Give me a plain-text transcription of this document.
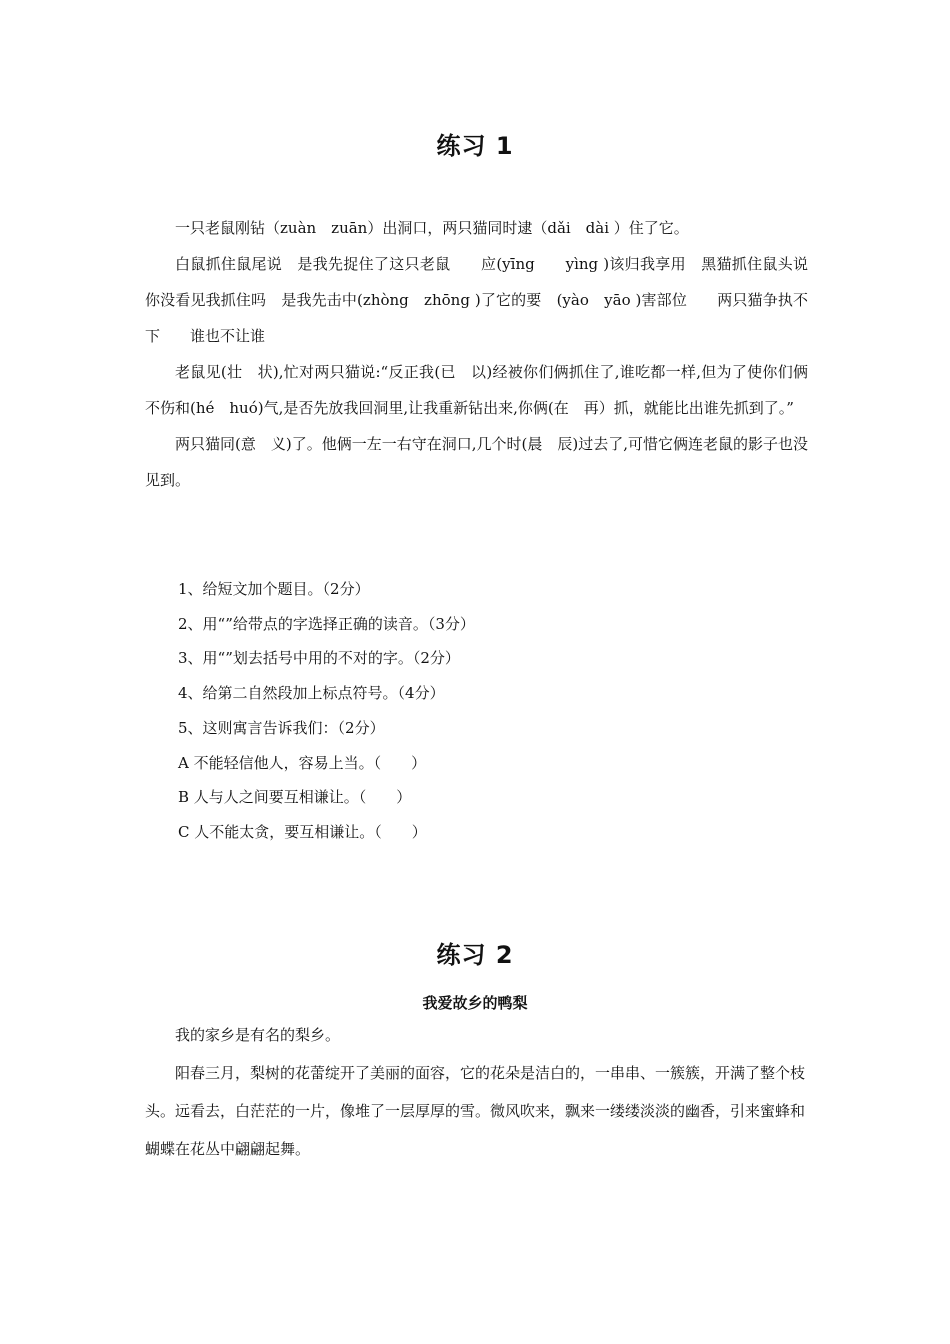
练习 1

一只老鼠刚钻（zuàn　zuān）出洞口，两只猫同时逮（dǎi　dài ）住了它。

白鼠抓住鼠尾说　是我先捉住了这只老鼠　　应(yīng　　yìng )该归我享用　黑猫抓住鼠头说　你没看见我抓住吗　是我先击中(zhòng　zhōng )了它的要　(yào　yāo )害部位　　两只猫争执不下　　谁也不让谁

老鼠见(壮　状),忙对两只猫说:“反正我(已　以)经被你们俩抓住了,谁吃都一样,但为了使你们俩不伤和(hé　huó)气,是否先放我回洞里,让我重新钻出来,你俩(在　再）抓，就能比出谁先抓到了。”

两只猫同(意　义)了。他俩一左一右守在洞口,几个时(晨　辰)过去了,可惜它俩连老鼠的影子也没见到。

1、给短文加个题目。（2分）
2、用“”给带点的字选择正确的读音。（3分）
3、用“”划去括号中用的不对的字。（2分）
4、给第二自然段加上标点符号。（4分）
5、这则寓言告诉我们：（2分）
A 不能轻信他人，容易上当。（　　）
B 人与人之间要互相谦让。（　　）
C 人不能太贪，要互相谦让。（　　）
练习 2
我爱故乡的鸭梨

我的家乡是有名的梨乡。

阳春三月，梨树的花蕾绽开了美丽的面容，它的花朵是洁白的，一串串、一簇簇，开满了整个枝头。远看去，白茫茫的一片，像堆了一层厚厚的雪。微风吹来，飘来一缕缕淡淡的幽香，引来蜜蜂和蝴蝶在花丛中翩翩起舞。
